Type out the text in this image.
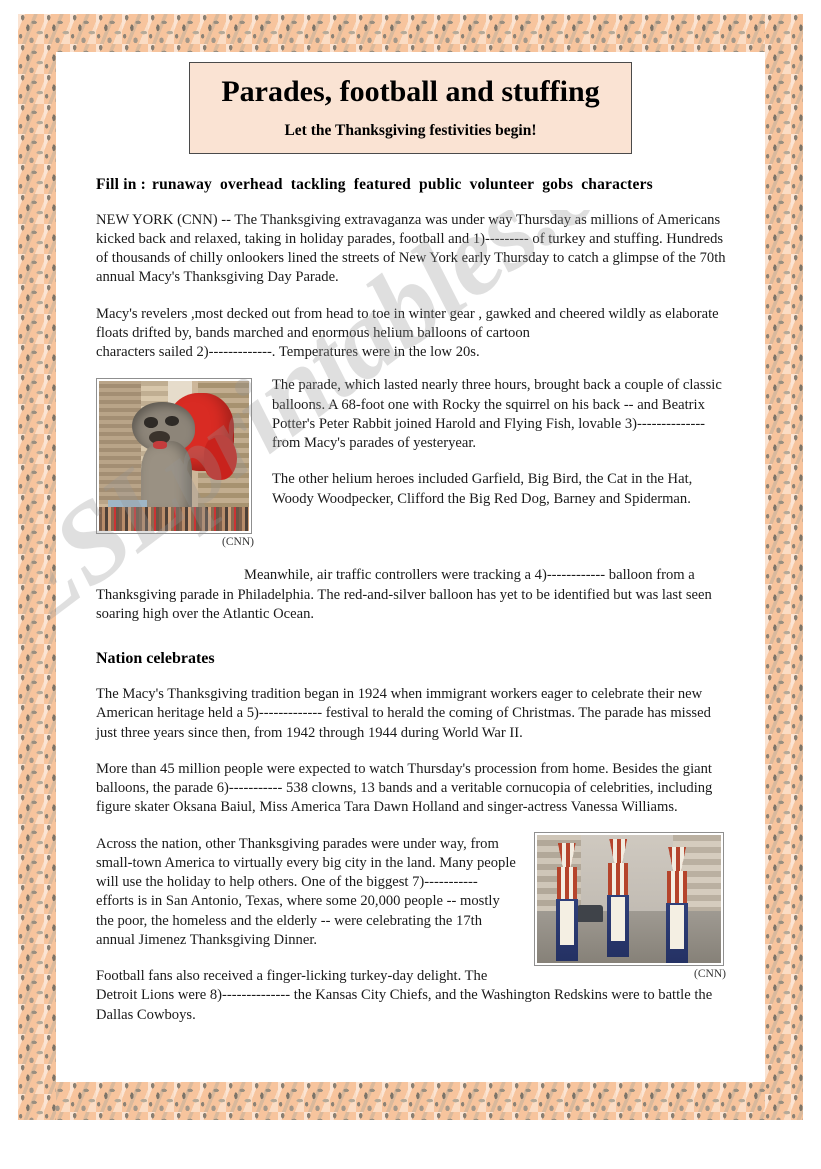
Parades, football and stuffing
Let the Thanksgiving festivities begin!
Fill in : runaway overhead tackling featured public volunteer gobs characters

NEW YORK (CNN) -- The Thanksgiving extravaganza was under way Thursday as millions of Americans kicked back and relaxed, taking in holiday parades, football and 1)--------- of turkey and stuffing. Hundreds of thousands of chilly onlookers lined the streets of New York early Thursday to catch a glimpse of the 70th annual Macy's Thanksgiving Day Parade.

Macy's revelers ,most decked out from head to toe in winter gear , gawked and cheered wildly as elaborate floats drifted by, bands marched and enormous helium balloons of cartoon characters sailed 2)-------------. Temperatures were in the low 20s.

(CNN)

The parade, which lasted nearly three hours, brought back a couple of classic balloons. A 68-foot one with Rocky the squirrel on his back -- and Beatrix Potter's Peter Rabbit joined Harold and Flying Fish, lovable 3)-------------- from Macy's parades of yesteryear.

The other helium heroes included Garfield, Big Bird, the Cat in the Hat, Woody Woodpecker, Clifford the Big Red Dog, Barney and Spiderman.

Meanwhile, air traffic controllers were tracking a 4)------------ balloon from a Thanksgiving parade in Philadelphia. The red-and-silver balloon has yet to be identified but was last seen soaring high over the Atlantic Ocean.

Nation celebrates

The Macy's Thanksgiving tradition began in 1924 when immigrant workers eager to celebrate their new American heritage held a 5)------------- festival to herald the coming of Christmas. The parade has missed just three years since then, from 1942 through 1944 during World War II.

More than 45 million people were expected to watch Thursday's procession from home. Besides the giant balloons, the parade 6)----------- 538 clowns, 13 bands and a veritable cornucopia of celebrities, including figure skater Oksana Baiul, Miss America Tara Dawn Holland and singer-actress Vanessa Williams.

(CNN)

Across the nation, other Thanksgiving parades were under way, from small-town America to virtually every big city in the land. Many people will use the holiday to help others. One of the biggest 7)----------- efforts is in San Antonio, Texas, where some 20,000 people -- mostly the poor, the homeless and the elderly -- were celebrating the 17th annual Jimenez Thanksgiving Dinner.

Football fans also received a finger-licking turkey-day delight. The Detroit Lions were 8)-------------- the Kansas City Chiefs, and the Washington Redskins were to battle the Dallas Cowboys.
